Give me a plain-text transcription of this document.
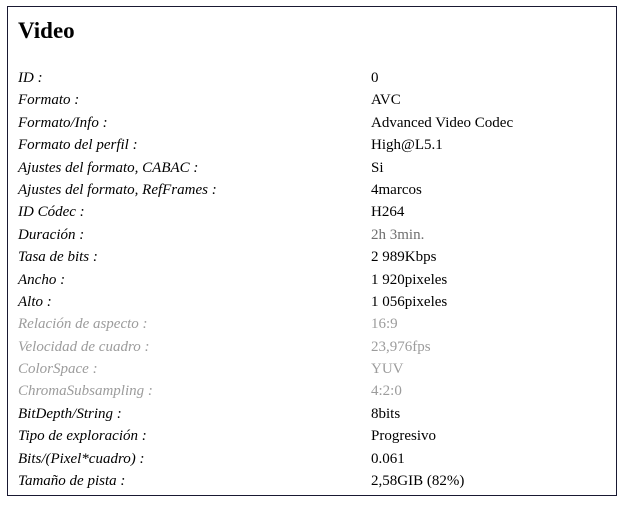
Video
ID :	0
Formato :	AVC
Formato/Info :	Advanced Video Codec
Formato del perfil :	High@L5.1
Ajustes del formato, CABAC :	Si
Ajustes del formato, RefFrames :	4marcos
ID Códec :	H264
Duración :	2h 3min.
Tasa de bits :	2 989Kbps
Ancho :	1 920pixeles
Alto :	1 056pixeles
Relación de aspecto :	16:9
Velocidad de cuadro :	23,976fps
ColorSpace :	YUV
ChromaSubsampling :	4:2:0
BitDepth/String :	8bits
Tipo de exploración :	Progresivo
Bits/(Pixel*cuadro) :	0.061
Tamaño de pista :	2,58GIB (82%)
